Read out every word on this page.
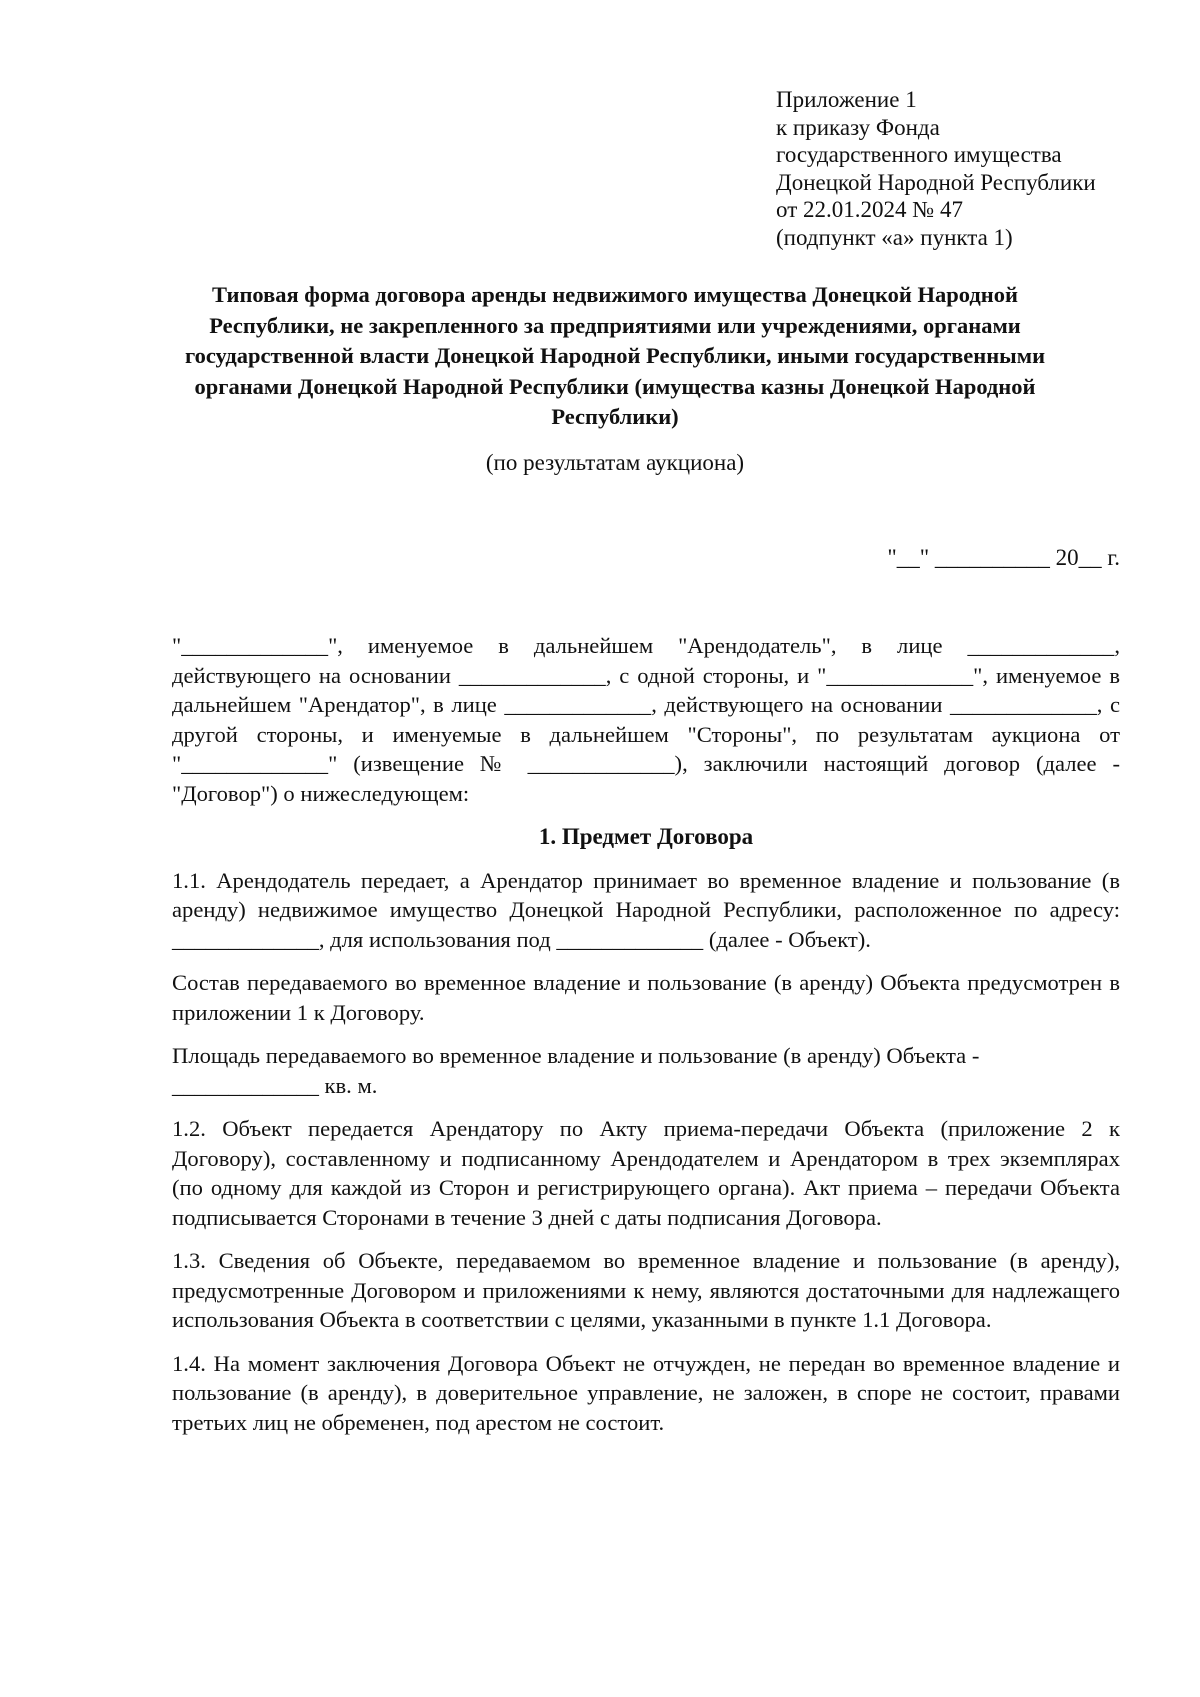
Приложение 1
к приказу Фонда
государственного имущества
Донецкой Народной Республики
от 22.01.2024 № 47
(подпункт «а» пункта 1)
Типовая форма договора аренды недвижимого имущества Донецкой Народной Республики, не закрепленного за предприятиями или учреждениями, органами государственной власти Донецкой Народной Республики, иными государственными органами Донецкой Народной Республики (имущества казны Донецкой Народной Республики)
(по результатам аукциона)
"__" __________ 20__ г.

"_____________", именуемое в дальнейшем "Арендодатель", в лице _____________, действующего на основании _____________, с одной стороны, и "_____________", именуемое в дальнейшем "Арендатор", в лице _____________, действующего на основании _____________, с другой стороны, и именуемые в дальнейшем "Стороны", по результатам аукциона от "_____________" (извещение № _____________), заключили настоящий договор (далее - "Договор") о нижеследующем:

1. Предмет Договора

1.1. Арендодатель передает, а Арендатор принимает во временное владение и пользование (в аренду) недвижимое имущество Донецкой Народной Республики, расположенное по адресу: _____________, для использования под _____________ (далее - Объект).

Состав передаваемого во временное владение и пользование (в аренду) Объекта предусмотрен в приложении 1 к Договору.

Площадь передаваемого во временное владение и пользование (в аренду) Объекта -

_____________ кв. м.

1.2. Объект передается Арендатору по Акту приема-передачи Объекта (приложение 2 к Договору), составленному и подписанному Арендодателем и Арендатором в трех экземплярах (по одному для каждой из Сторон и регистрирующего органа). Акт приема – передачи Объекта подписывается Сторонами в течение 3 дней с даты подписания Договора.

1.3. Сведения об Объекте, передаваемом во временное владение и пользование (в аренду), предусмотренные Договором и приложениями к нему, являются достаточными для надлежащего использования Объекта в соответствии с целями, указанными в пункте 1.1 Договора.

1.4. На момент заключения Договора Объект не отчужден, не передан во временное владение и пользование (в аренду), в доверительное управление, не заложен, в споре не состоит, правами третьих лиц не обременен, под арестом не состоит.
